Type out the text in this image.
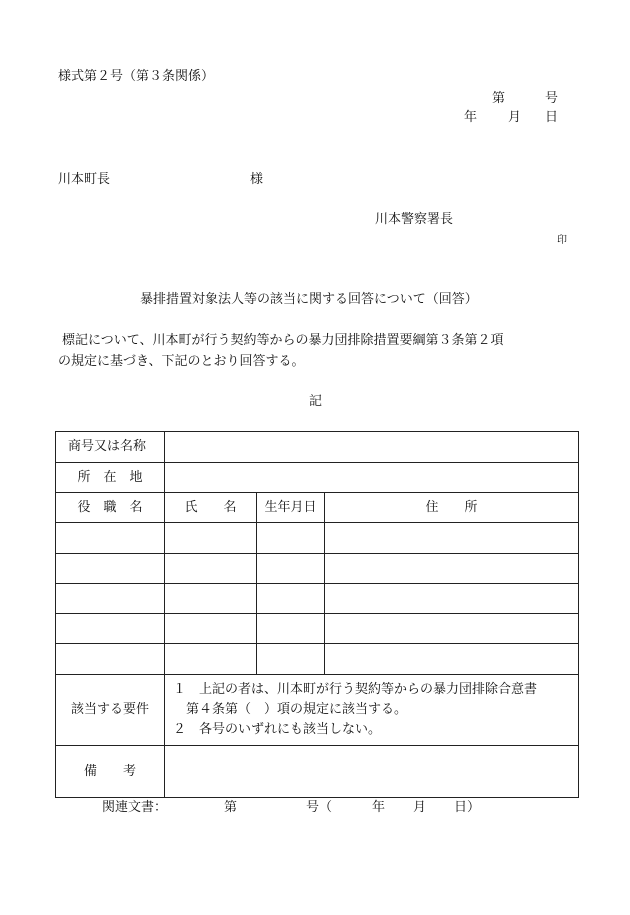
様式第２号（第３条関係）
第	号
年 月 日
川本町長	様
川本警察署長
印
暴排措置対象法人等の該当に関する回答について（回答）
標記について、川本町が行う契約等からの暴力団排除措置要綱第３条第２項
の規定に基づき、下記のとおり回答する。
記
商号又は名称			
所　在　地			
役　職　名	氏　　名	生年月日	住　　所

該当する要件	１　上記の者は、川本町が行う契約等からの暴力団排除合意書
　第４条第（　）項の規定に該当する。
２　各号のいずれにも該当しない。		

備　　考			
関連文書：	第	号（	年 月 日）
